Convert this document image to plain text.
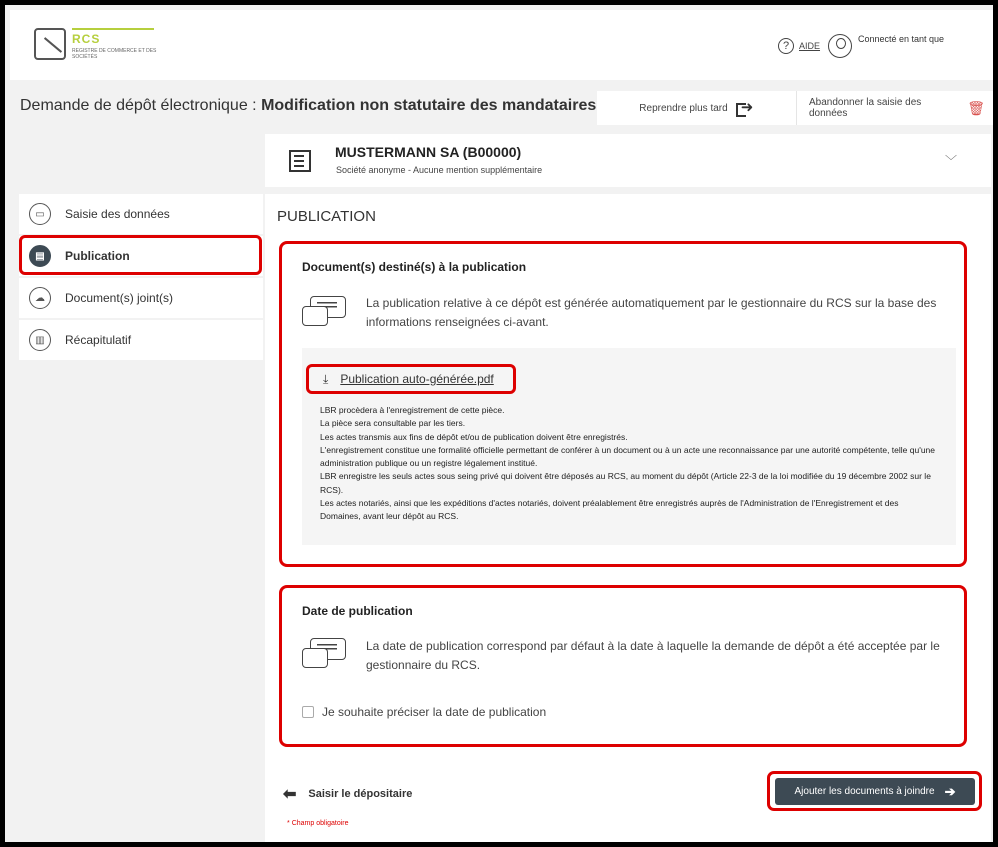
RCS
REGISTRE DE COMMERCE ET DES SOCIÉTÉS
?	AIDE
Connecté en tant que
Demande de dépôt électronique : Modification non statutaire des mandataires	Reprendre plus tard
➜	Abandonner la saisie des données	🗑
MUSTERMANN SA (B00000)
Société anonyme - Aucune mention supplémentaire
﹀
▭	Saisie des données
▤	Publication
☁	Document(s) joint(s)
▥	Récapitulatif
PUBLICATION
Document(s) destiné(s) à la publication
La publication relative à ce dépôt est générée automatiquement par le gestionnaire du RCS sur la base des informations renseignées ci-avant.
⤓ Publication auto-générée.pdf
LBR procèdera à l'enregistrement de cette pièce.
La pièce sera consultable par les tiers.
Les actes transmis aux fins de dépôt et/ou de publication doivent être enregistrés.
L'enregistrement constitue une formalité officielle permettant de conférer à un document ou à un acte une reconnaissance par une autorité compétente, telle qu'une administration publique ou un registre légalement institué.
LBR enregistre les seuls actes sous seing privé qui doivent être déposés au RCS, au moment du dépôt (Article 22-3 de la loi modifiée du 19 décembre 2002 sur le RCS).
Les actes notariés, ainsi que les expéditions d'actes notariés, doivent préalablement être enregistrés auprès de l'Administration de l'Enregistrement et des Domaines, avant leur dépôt au RCS.
Date de publication
La date de publication correspond par défaut à la date à laquelle la demande de dépôt a été acceptée par le gestionnaire du RCS.
Je souhaite préciser la date de publication
⬅ Saisir le dépositaire	Ajouter les documents à joindre ➔
* Champ obligatoire
